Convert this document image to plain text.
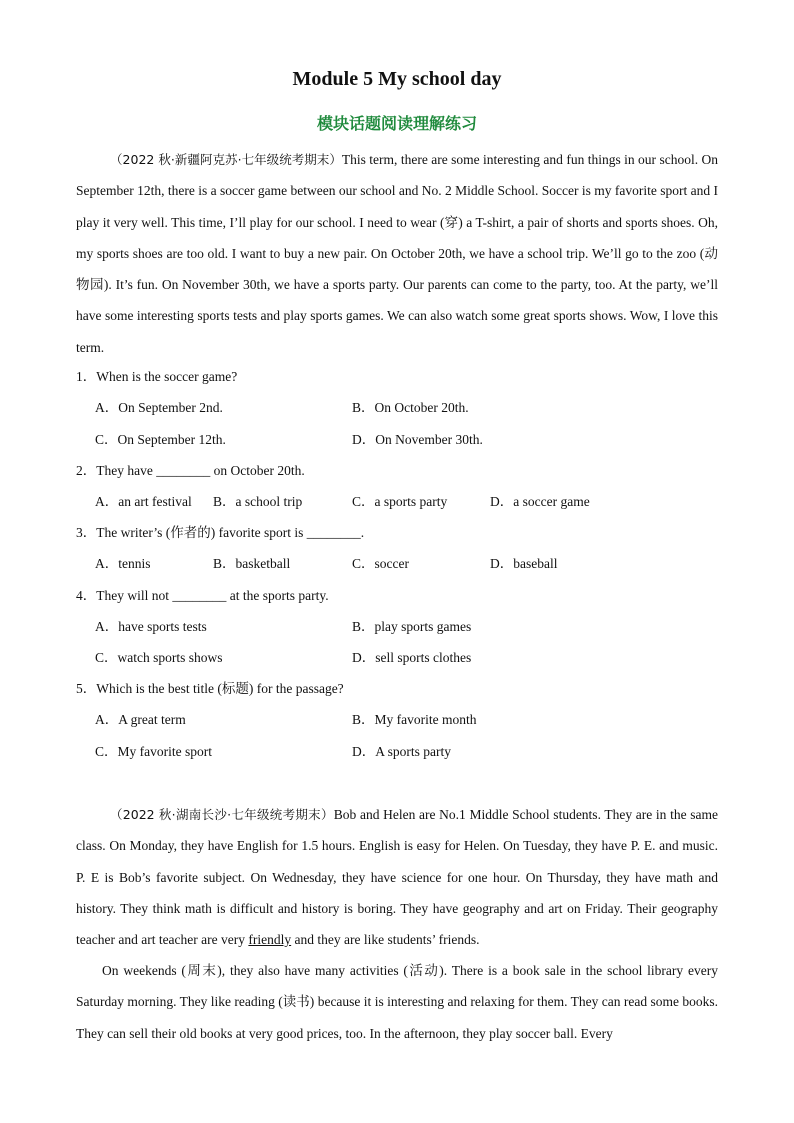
Module 5 My school day
模块话题阅读理解练习
（2022 秋·新疆阿克苏·七年级统考期末）This term, there are some interesting and fun things in our school. On September 12th, there is a soccer game between our school and No. 2 Middle School. Soccer is my favorite sport and I play it very well. This time, I’ll play for our school. I need to wear (穿) a T-shirt, a pair of shorts and sports shoes. Oh, my sports shoes are too old. I want to buy a new pair. On October 20th, we have a school trip. We’ll go to the zoo (动物园). It’s fun. On November 30th, we have a sports party. Our parents can come to the party, too. At the party, we’ll have some interesting sports tests and play sports games. We can also watch some great sports shows. Wow, I love this term.
1．When is the soccer game?
A．On September 2nd.	B．On October 20th.
C．On September 12th.	D．On November 30th.
2．They have ________ on October 20th.
A．an art festival B．a school trip	C．a sports party	D．a soccer game
3．The writer’s (作者的) favorite sport is ________.
A．tennis	B．basketball	C．soccer	D．baseball
4．They will not ________ at the sports party.
A．have sports tests	B．play sports games
C．watch sports shows	D．sell sports clothes
5．Which is the best title (标题) for the passage?
A．A great term	B．My favorite month
C．My favorite sport	D．A sports party
（2022 秋·湖南长沙·七年级统考期末）Bob and Helen are No.1 Middle School students. They are in the same class. On Monday, they have English for 1.5 hours. English is easy for Helen. On Tuesday, they have P. E. and music. P. E is Bob’s favorite subject. On Wednesday, they have science for one hour. On Thursday, they have math and history. They think math is difficult and history is boring. They have geography and art on Friday. Their geography teacher and art teacher are very friendly and they are like students’ friends.
On weekends (周末), they also have many activities (活动). There is a book sale in the school library every Saturday morning. They like reading (读书) because it is interesting and relaxing for them. They can read some books. They can sell their old books at very good prices, too. In the afternoon, they play soccer ball. Every
